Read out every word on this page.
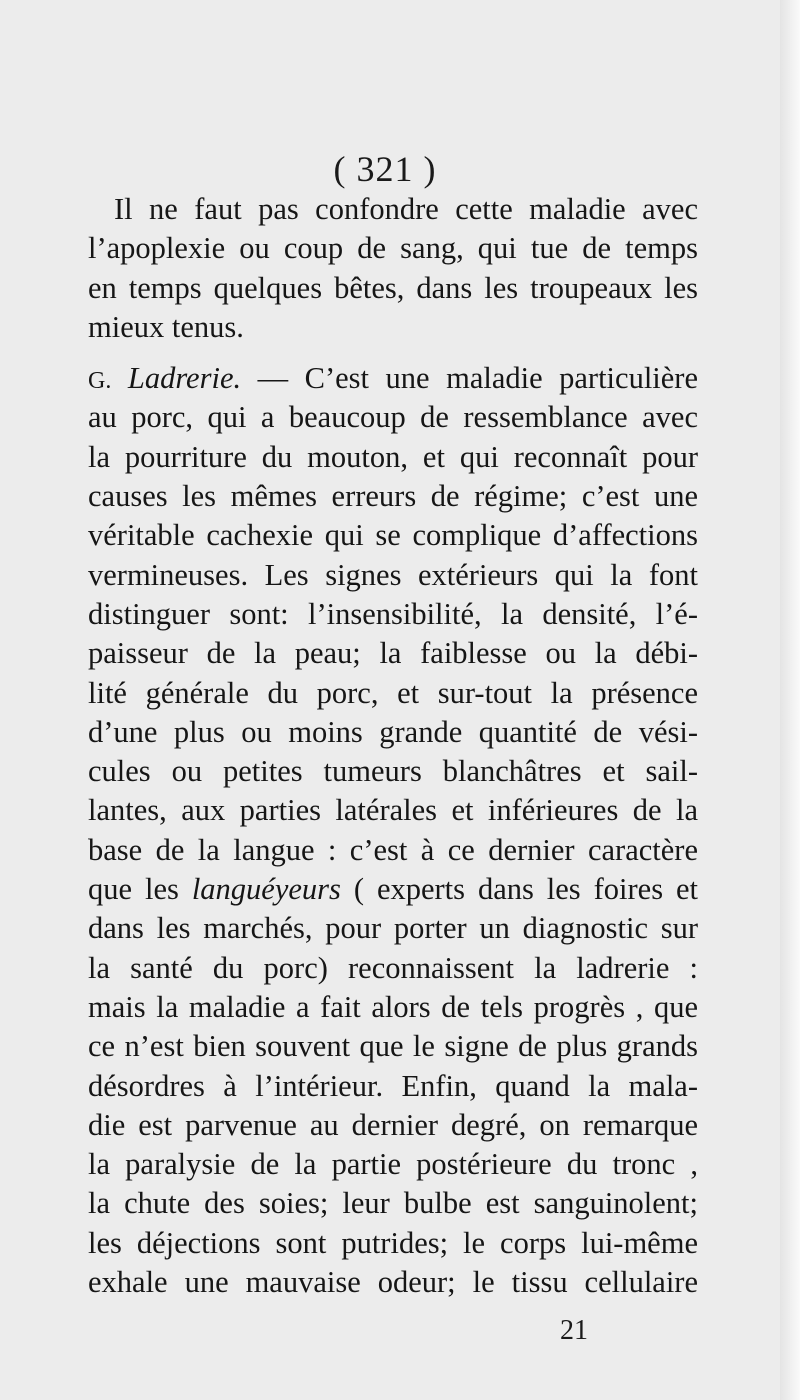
( 321 )
Il ne faut pas confondre cette maladie avec
l’apoplexie ou coup de sang, qui tue de temps
en temps quelques bêtes, dans les troupeaux les
mieux tenus.
G. Ladrerie. — C’est une maladie particulière
au porc, qui a beaucoup de ressemblance avec
la pourriture du mouton, et qui reconnaît pour
causes les mêmes erreurs de régime; c’est une
véritable cachexie qui se complique d’affections
vermineuses. Les signes extérieurs qui la font
distinguer sont: l’insensibilité, la densité, l’é-
paisseur de la peau; la faiblesse ou la débi-
lité générale du porc, et sur-tout la présence
d’une plus ou moins grande quantité de vési-
cules ou petites tumeurs blanchâtres et sail-
lantes, aux parties latérales et inférieures de la
base de la langue : c’est à ce dernier caractère
que les languéyeurs ( experts dans les foires et
dans les marchés, pour porter un diagnostic sur
la santé du porc) reconnaissent la ladrerie :
mais la maladie a fait alors de tels progrès , que
ce n’est bien souvent que le signe de plus grands
désordres à l’intérieur. Enfin, quand la mala-
die est parvenue au dernier degré, on remarque
la paralysie de la partie postérieure du tronc ,
la chute des soies; leur bulbe est sanguinolent;
les déjections sont putrides; le corps lui-même
exhale une mauvaise odeur; le tissu cellulaire
21
